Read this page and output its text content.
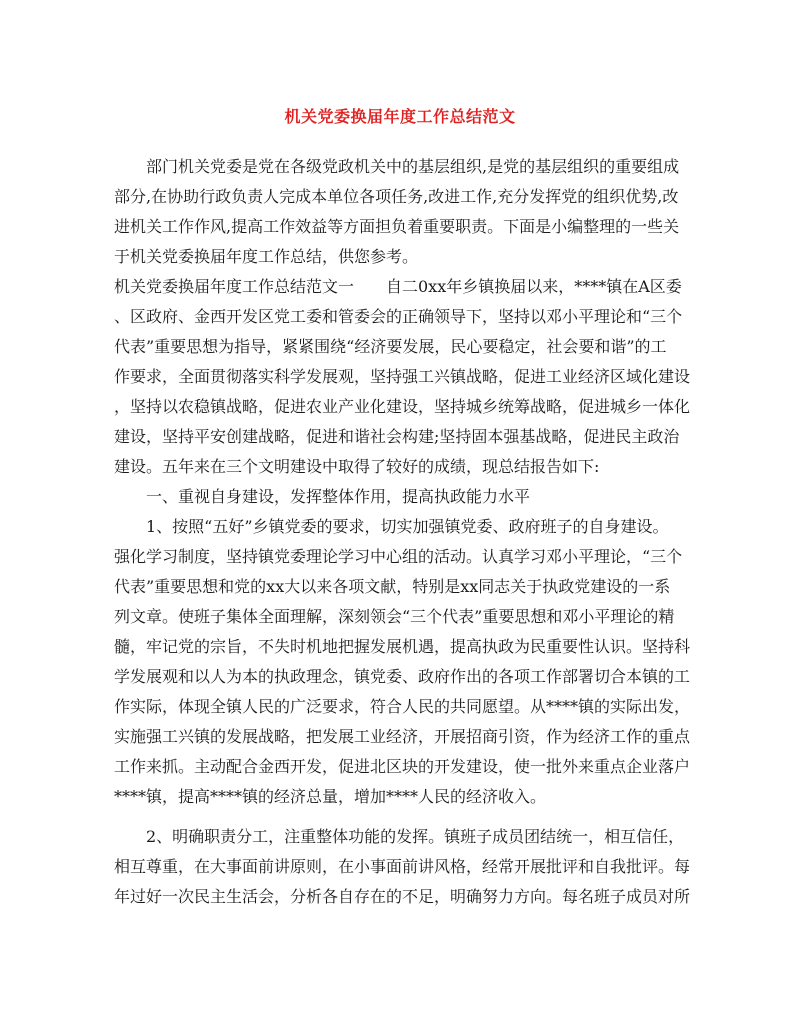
机关党委换届年度工作总结范文
部门机关党委是党在各级党政机关中的基层组织,是党的基层组织的重要组成
部分,在协助行政负责人完成本单位各项任务,改进工作,充分发挥党的组织优势,改
进机关工作作风,提高工作效益等方面担负着重要职责。下面是小编整理的一些关
于机关党委换届年度工作总结，供您参考。
机关党委换届年度工作总结范文一　　自二0xx年乡镇换届以来，****镇在A区委
、区政府、金西开发区党工委和管委会的正确领导下，坚持以邓小平理论和“三个
代表”重要思想为指导，紧紧围绕“经济要发展，民心要稳定，社会要和谐”的工
作要求，全面贯彻落实科学发展观，坚持强工兴镇战略，促进工业经济区域化建设
，坚持以农稳镇战略，促进农业产业化建设，坚持城乡统筹战略，促进城乡一体化
建设，坚持平安创建战略，促进和谐社会构建;坚持固本强基战略，促进民主政治
建设。五年来在三个文明建设中取得了较好的成绩，现总结报告如下:
一、重视自身建设，发挥整体作用，提高执政能力水平
1、按照“五好”乡镇党委的要求，切实加强镇党委、政府班子的自身建设。
强化学习制度，坚持镇党委理论学习中心组的活动。认真学习邓小平理论，“三个
代表”重要思想和党的xx大以来各项文献，特别是xx同志关于执政党建设的一系
列文章。使班子集体全面理解，深刻领会“三个代表”重要思想和邓小平理论的精
髓，牢记党的宗旨，不失时机地把握发展机遇，提高执政为民重要性认识。坚持科
学发展观和以人为本的执政理念，镇党委、政府作出的各项工作部署切合本镇的工
作实际，体现全镇人民的广泛要求，符合人民的共同愿望。从****镇的实际出发，
实施强工兴镇的发展战略，把发展工业经济，开展招商引资，作为经济工作的重点
工作来抓。主动配合金西开发，促进北区块的开发建设，使一批外来重点企业落户
****镇，提高****镇的经济总量，增加****人民的经济收入。
2、明确职责分工，注重整体功能的发挥。镇班子成员团结统一，相互信任，
相互尊重，在大事面前讲原则，在小事面前讲风格，经常开展批评和自我批评。每
年过好一次民主生活会，分析各自存在的不足，明确努力方向。每名班子成员对所
